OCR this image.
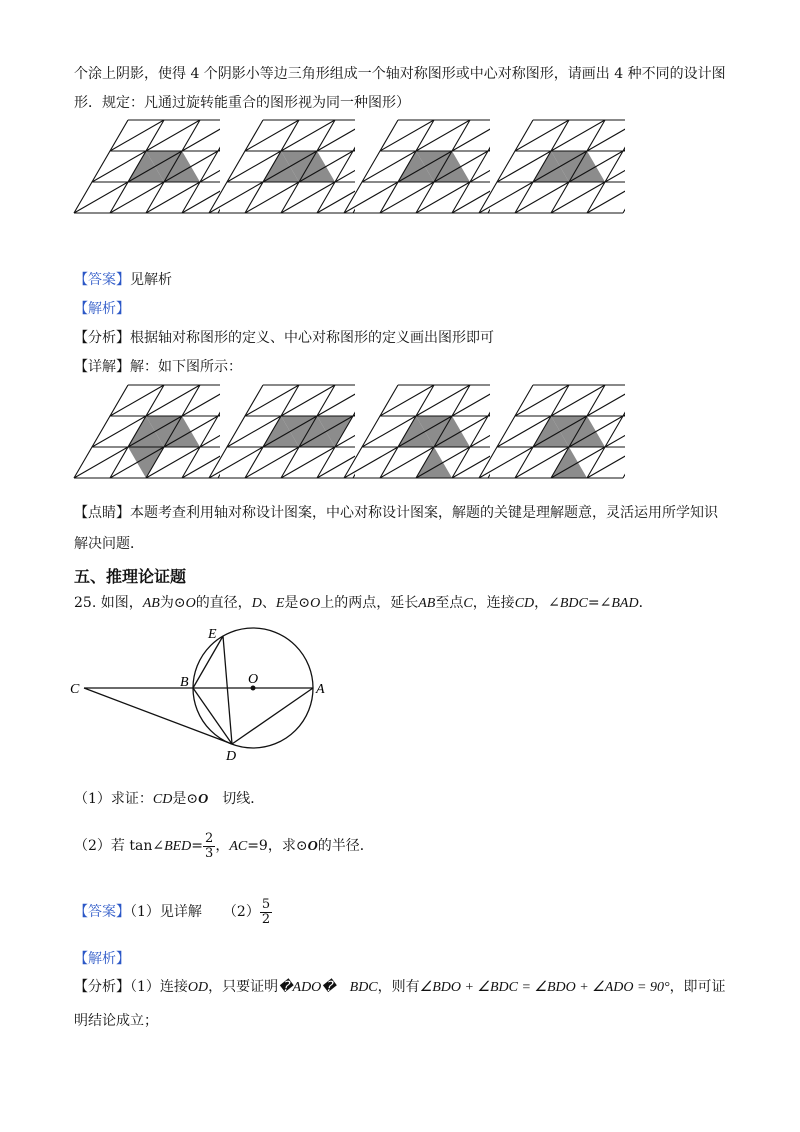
个涂上阴影，使得 4 个阴影小等边三角形组成一个轴对称图形或中心对称图形，请画出 4 种不同的设计图
形．规定：凡通过旋转能重合的图形视为同一种图形）
【答案】见解析
【解析】
【分析】根据轴对称图形的定义、中心对称图形的定义画出图形即可
【详解】解：如下图所示：
【点睛】本题考查利用轴对称设计图案，中心对称设计图案，解题的关键是理解题意，灵活运用所学知识
解决问题．
五、推理论证题
25. 如图，AB为⊙O的直径，D、E是⊙O上的两点，延长AB至点C，连接CD，∠BDC=∠BAD．
E
B	O
A
C
D
（1）求证：CD是⊙O　切线．
（2）若 tan∠BED= $\frac{2}{3}$ ，AC=9，求⊙O的半径．
【答案】（1）见详解　　 $(2) \frac{5}{2}$
【解析】
【分析】（1）连接OD，只要证明�ADO�　BDC，则有∠BDO + ∠BDC = ∠BDO + ∠ADO = 90°，即可证
明结论成立；
